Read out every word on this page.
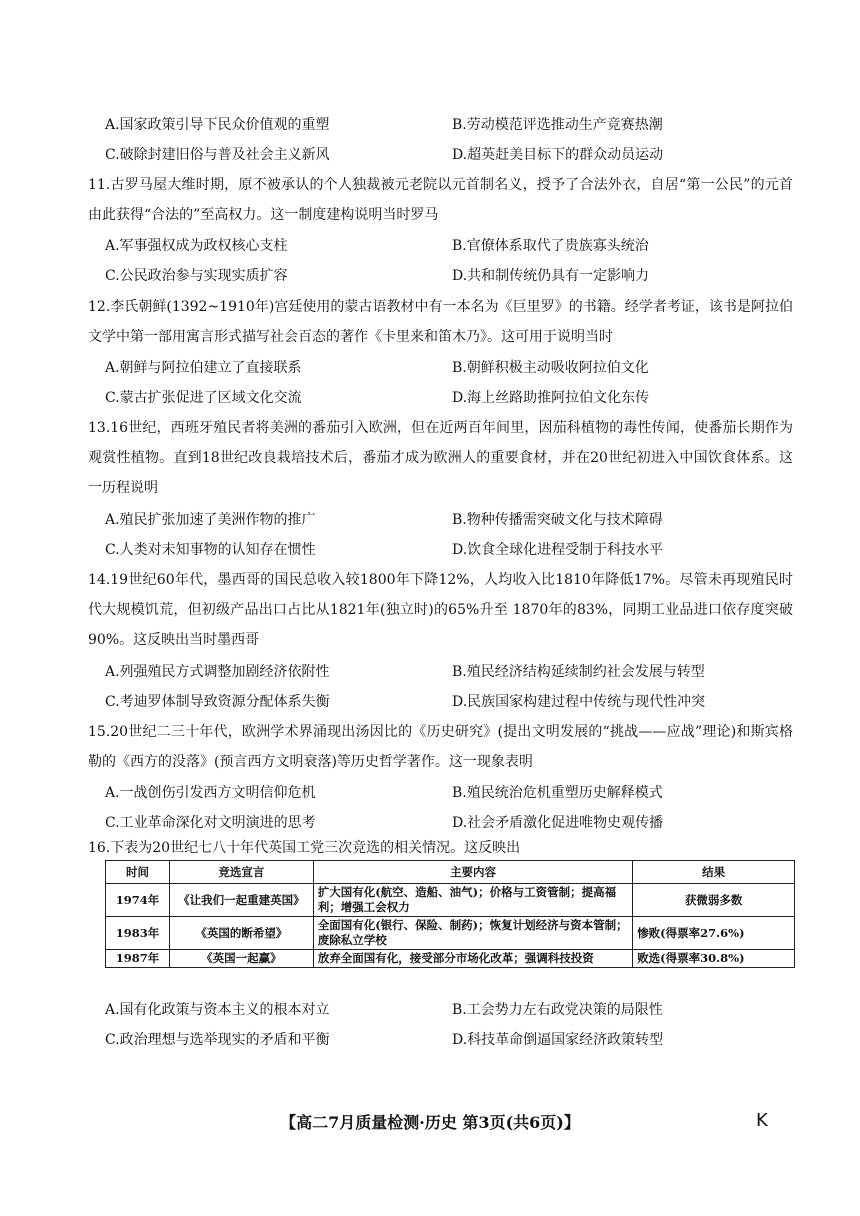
A.国家政策引导下民众价值观的重塑	B.劳动模范评选推动生产竞赛热潮
C.破除封建旧俗与普及社会主义新风	D.超英赶美目标下的群众动员运动
11.古罗马屋大维时期，原不被承认的个人独裁被元老院以元首制名义，授予了合法外衣，自居“第一公民”的元首由此获得“合法的”至高权力。这一制度建构说明当时罗马
A.军事强权成为政权核心支柱	B.官僚体系取代了贵族寡头统治
C.公民政治参与实现实质扩容	D.共和制传统仍具有一定影响力
12.李氏朝鲜(1392~1910年)宫廷使用的蒙古语教材中有一本名为《巨里罗》的书籍。经学者考证，该书是阿拉伯文学中第一部用寓言形式描写社会百态的著作《卡里来和笛木乃》。这可用于说明当时
A.朝鲜与阿拉伯建立了直接联系	B.朝鲜积极主动吸收阿拉伯文化
C.蒙古扩张促进了区域文化交流	D.海上丝路助推阿拉伯文化东传
13.16世纪，西班牙殖民者将美洲的番茄引入欧洲，但在近两百年间里，因茄科植物的毒性传闻，使番茄长期作为观赏性植物。直到18世纪改良栽培技术后，番茄才成为欧洲人的重要食材，并在20世纪初进入中国饮食体系。这一历程说明
A.殖民扩张加速了美洲作物的推广	B.物种传播需突破文化与技术障碍
C.人类对未知事物的认知存在惯性	D.饮食全球化进程受制于科技水平
14.19世纪60年代，墨西哥的国民总收入较1800年下降12%，人均收入比1810年降低17%。尽管未再现殖民时代大规模饥荒，但初级产品出口占比从1821年(独立时)的65%升至 1870年的83%，同期工业品进口依存度突破90%。这反映出当时墨西哥
A.列强殖民方式调整加剧经济依附性	B.殖民经济结构延续制约社会发展与转型
C.考迪罗体制导致资源分配体系失衡	D.民族国家构建过程中传统与现代性冲突
15.20世纪二三十年代，欧洲学术界涌现出汤因比的《历史研究》(提出文明发展的“挑战——应战”理论)和斯宾格勒的《西方的没落》(预言西方文明衰落)等历史哲学著作。这一现象表明
A.一战创伤引发西方文明信仰危机	B.殖民统治危机重塑历史解释模式
C.工业革命深化对文明演进的思考	D.社会矛盾激化促进唯物史观传播
16.下表为20世纪七八十年代英国工党三次竞选的相关情况。这反映出
时间	竞选宣言	主要内容	结果
1974年	《让我们一起重建英国》	扩大国有化(航空、造船、油气)；价格与工资管制；提高福利；增强工会权力	获微弱多数
1983年	《英国的断希望》	全面国有化(银行、保险、制药)；恢复计划经济与资本管制；废除私立学校	惨败(得票率27.6%)
1987年	《英国一起赢》	放弃全面国有化，接受部分市场化改革；强调科技投资	败选(得票率30.8%)
A.国有化政策与资本主义的根本对立	B.工会势力左右政党决策的局限性
C.政治理想与选举现实的矛盾和平衡	D.科技革命倒逼国家经济政策转型
【高二7月质量检测·历史 第3页(共6页)】	K
